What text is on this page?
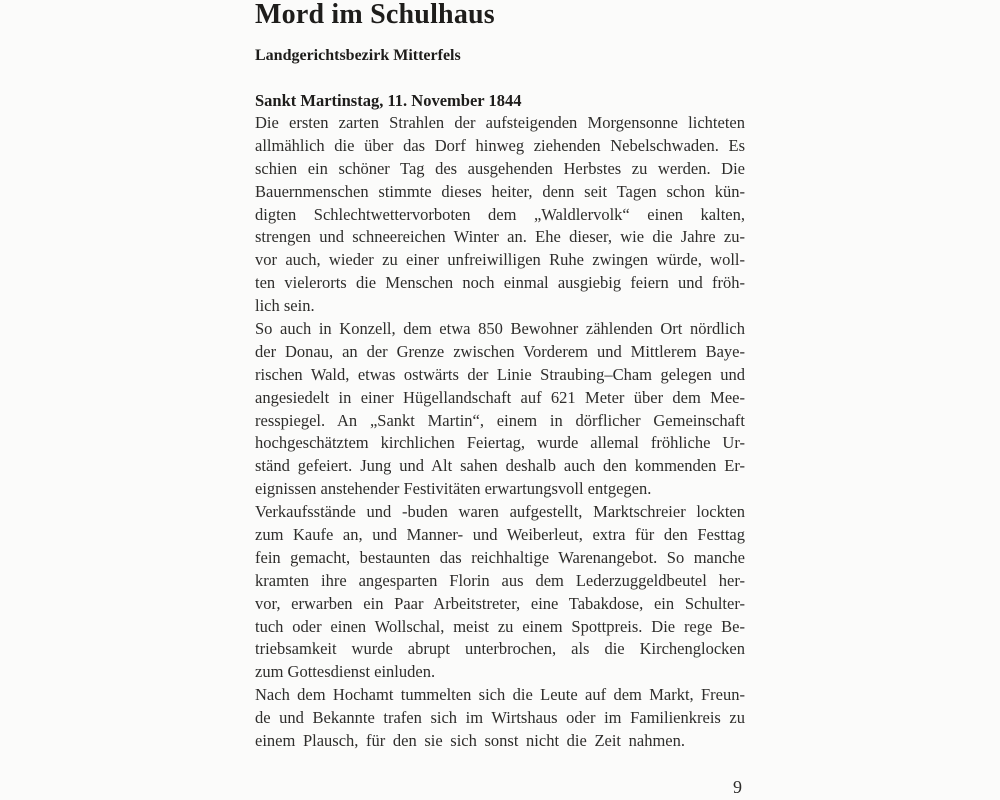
Mord im Schulhaus
Landgerichtsbezirk Mitterfels
Sankt Martinstag, 11. November 1844
Die ersten zarten Strahlen der aufsteigenden Morgensonne lichteten
allmählich die über das Dorf hinweg ziehenden Nebelschwaden. Es
schien ein schöner Tag des ausgehenden Herbstes zu werden. Die
Bauernmenschen stimmte dieses heiter, denn seit Tagen schon kün-
digten Schlechtwettervorboten dem „Waldlervolk“ einen kalten,
strengen und schneereichen Winter an. Ehe dieser, wie die Jahre zu-
vor auch, wieder zu einer unfreiwilligen Ruhe zwingen würde, woll-
ten vielerorts die Menschen noch einmal ausgiebig feiern und fröh-
lich sein.
So auch in Konzell, dem etwa 850 Bewohner zählenden Ort nördlich
der Donau, an der Grenze zwischen Vorderem und Mittlerem Baye-
rischen Wald, etwas ostwärts der Linie Straubing–Cham gelegen und
angesiedelt in einer Hügellandschaft auf 621 Meter über dem Mee-
resspiegel. An „Sankt Martin“, einem in dörflicher Gemeinschaft
hochgeschätztem kirchlichen Feiertag, wurde allemal fröhliche Ur-
ständ gefeiert. Jung und Alt sahen deshalb auch den kommenden Er-
eignissen anstehender Festivitäten erwartungsvoll entgegen.
Verkaufsstände und -buden waren aufgestellt, Marktschreier lockten
zum Kaufe an, und Manner- und Weiberleut, extra für den Festtag
fein gemacht, bestaunten das reichhaltige Warenangebot. So manche
kramten ihre angesparten Florin aus dem Lederzuggeldbeutel her-
vor, erwarben ein Paar Arbeitstreter, eine Tabakdose, ein Schulter-
tuch oder einen Wollschal, meist zu einem Spottpreis. Die rege Be-
triebsamkeit wurde abrupt unterbrochen, als die Kirchenglocken
zum Gottesdienst einluden.
Nach dem Hochamt tummelten sich die Leute auf dem Markt, Freun-
de und Bekannte trafen sich im Wirtshaus oder im Familienkreis zu
einem Plausch, für den sie sich sonst nicht die Zeit nahmen.
9
